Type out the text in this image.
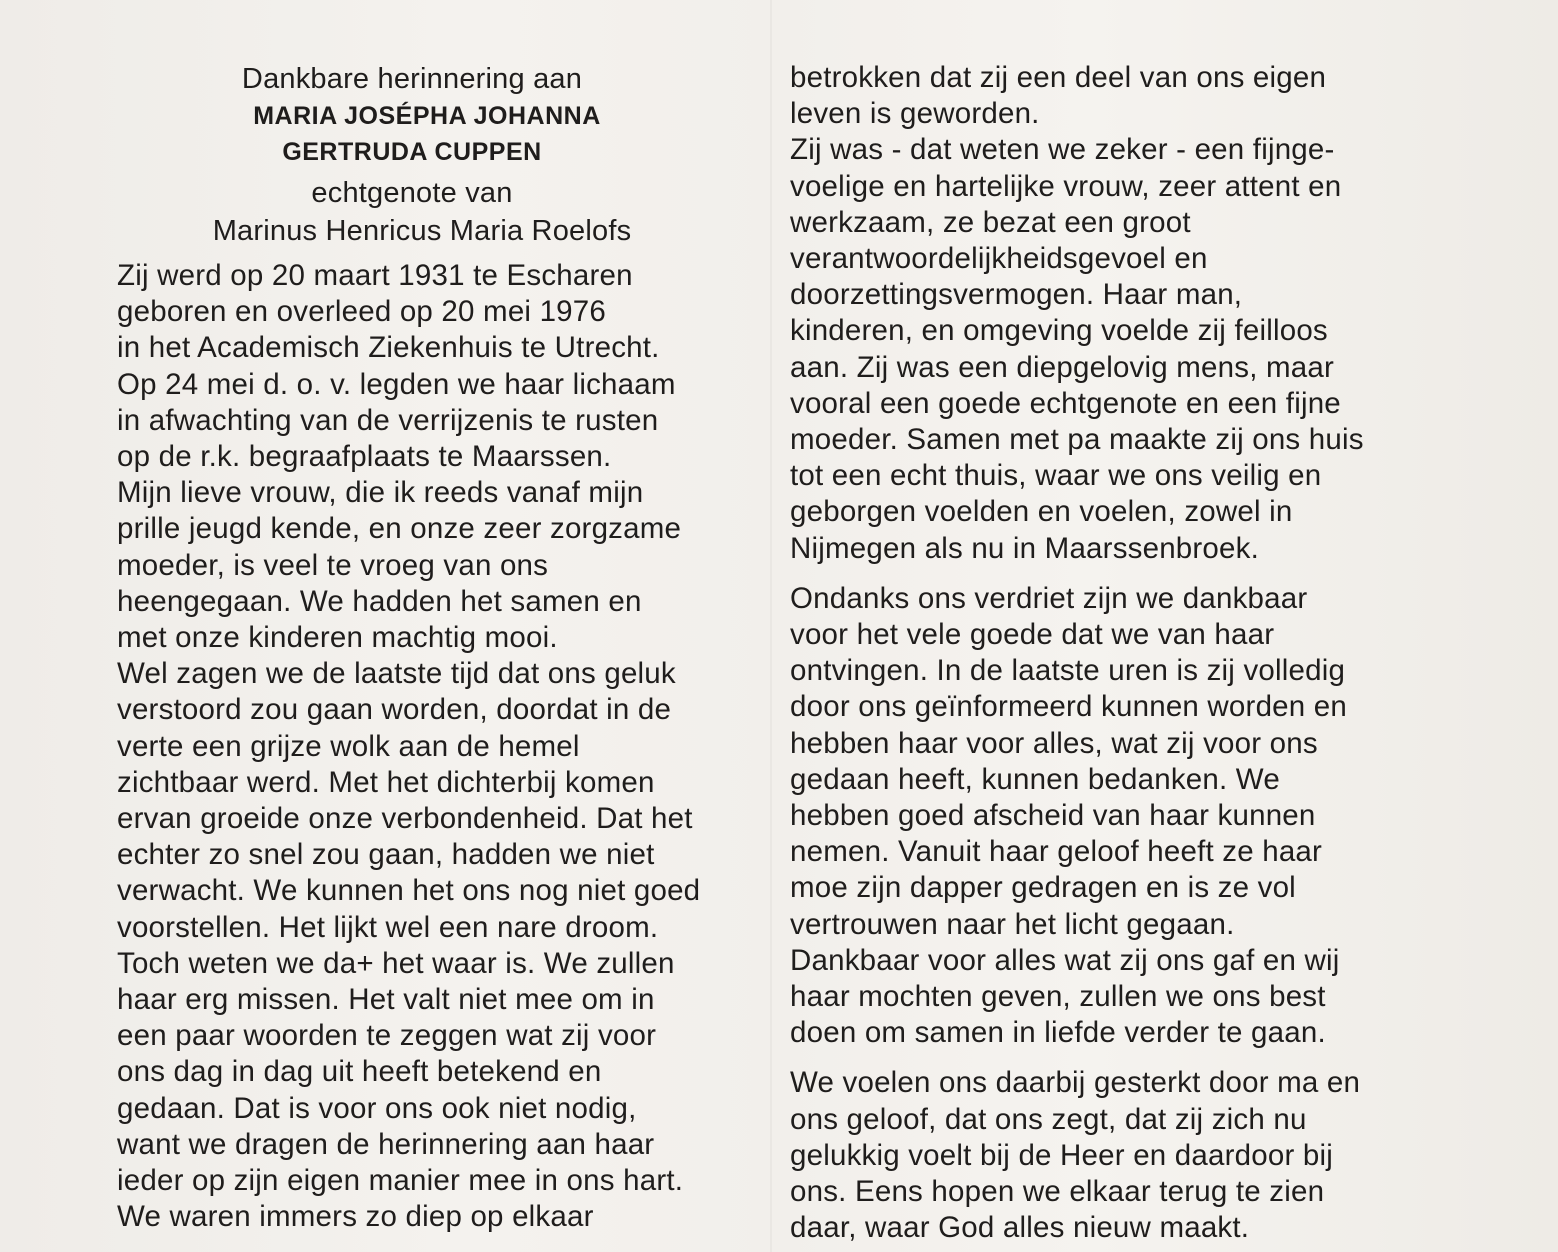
Dankbare herinnering aan
MARIA JOSÉPHA JOHANNA
GERTRUDA CUPPEN
echtgenote van
Marinus Henricus Maria Roelofs
Zij werd op 20 maart 1931 te Escharen
geboren en overleed op 20 mei 1976
in het Academisch Ziekenhuis te Utrecht.
Op 24 mei d. o. v. legden we haar lichaam
in afwachting van de verrijzenis te rusten
op de r.k. begraafplaats te Maarssen.
Mijn lieve vrouw, die ik reeds vanaf mijn
prille jeugd kende, en onze zeer zorgzame
moeder, is veel te vroeg van ons
heengegaan. We hadden het samen en
met onze kinderen machtig mooi.
Wel zagen we de laatste tijd dat ons geluk
verstoord zou gaan worden, doordat in de
verte een grijze wolk aan de hemel
zichtbaar werd. Met het dichterbij komen
ervan groeide onze verbondenheid. Dat het
echter zo snel zou gaan, hadden we niet
verwacht. We kunnen het ons nog niet goed
voorstellen. Het lijkt wel een nare droom.
Toch weten we da+ het waar is. We zullen
haar erg missen. Het valt niet mee om in
een paar woorden te zeggen wat zij voor
ons dag in dag uit heeft betekend en
gedaan. Dat is voor ons ook niet nodig,
want we dragen de herinnering aan haar
ieder op zijn eigen manier mee in ons hart.
We waren immers zo diep op elkaar
betrokken dat zij een deel van ons eigen
leven is geworden.
Zij was - dat weten we zeker - een fijnge-
voelige en hartelijke vrouw, zeer attent en
werkzaam, ze bezat een groot
verantwoordelijkheidsgevoel en
doorzettingsvermogen. Haar man,
kinderen, en omgeving voelde zij feilloos
aan. Zij was een diepgelovig mens, maar
vooral een goede echtgenote en een fijne
moeder. Samen met pa maakte zij ons huis
tot een echt thuis, waar we ons veilig en
geborgen voelden en voelen, zowel in
Nijmegen als nu in Maarssenbroek.
Ondanks ons verdriet zijn we dankbaar
voor het vele goede dat we van haar
ontvingen. In de laatste uren is zij volledig
door ons geïnformeerd kunnen worden en
hebben haar voor alles, wat zij voor ons
gedaan heeft, kunnen bedanken. We
hebben goed afscheid van haar kunnen
nemen. Vanuit haar geloof heeft ze haar
moe zijn dapper gedragen en is ze vol
vertrouwen naar het licht gegaan.
Dankbaar voor alles wat zij ons gaf en wij
haar mochten geven, zullen we ons best
doen om samen in liefde verder te gaan.
We voelen ons daarbij gesterkt door ma en
ons geloof, dat ons zegt, dat zij zich nu
gelukkig voelt bij de Heer en daardoor bij
ons. Eens hopen we elkaar terug te zien
daar, waar God alles nieuw maakt.
